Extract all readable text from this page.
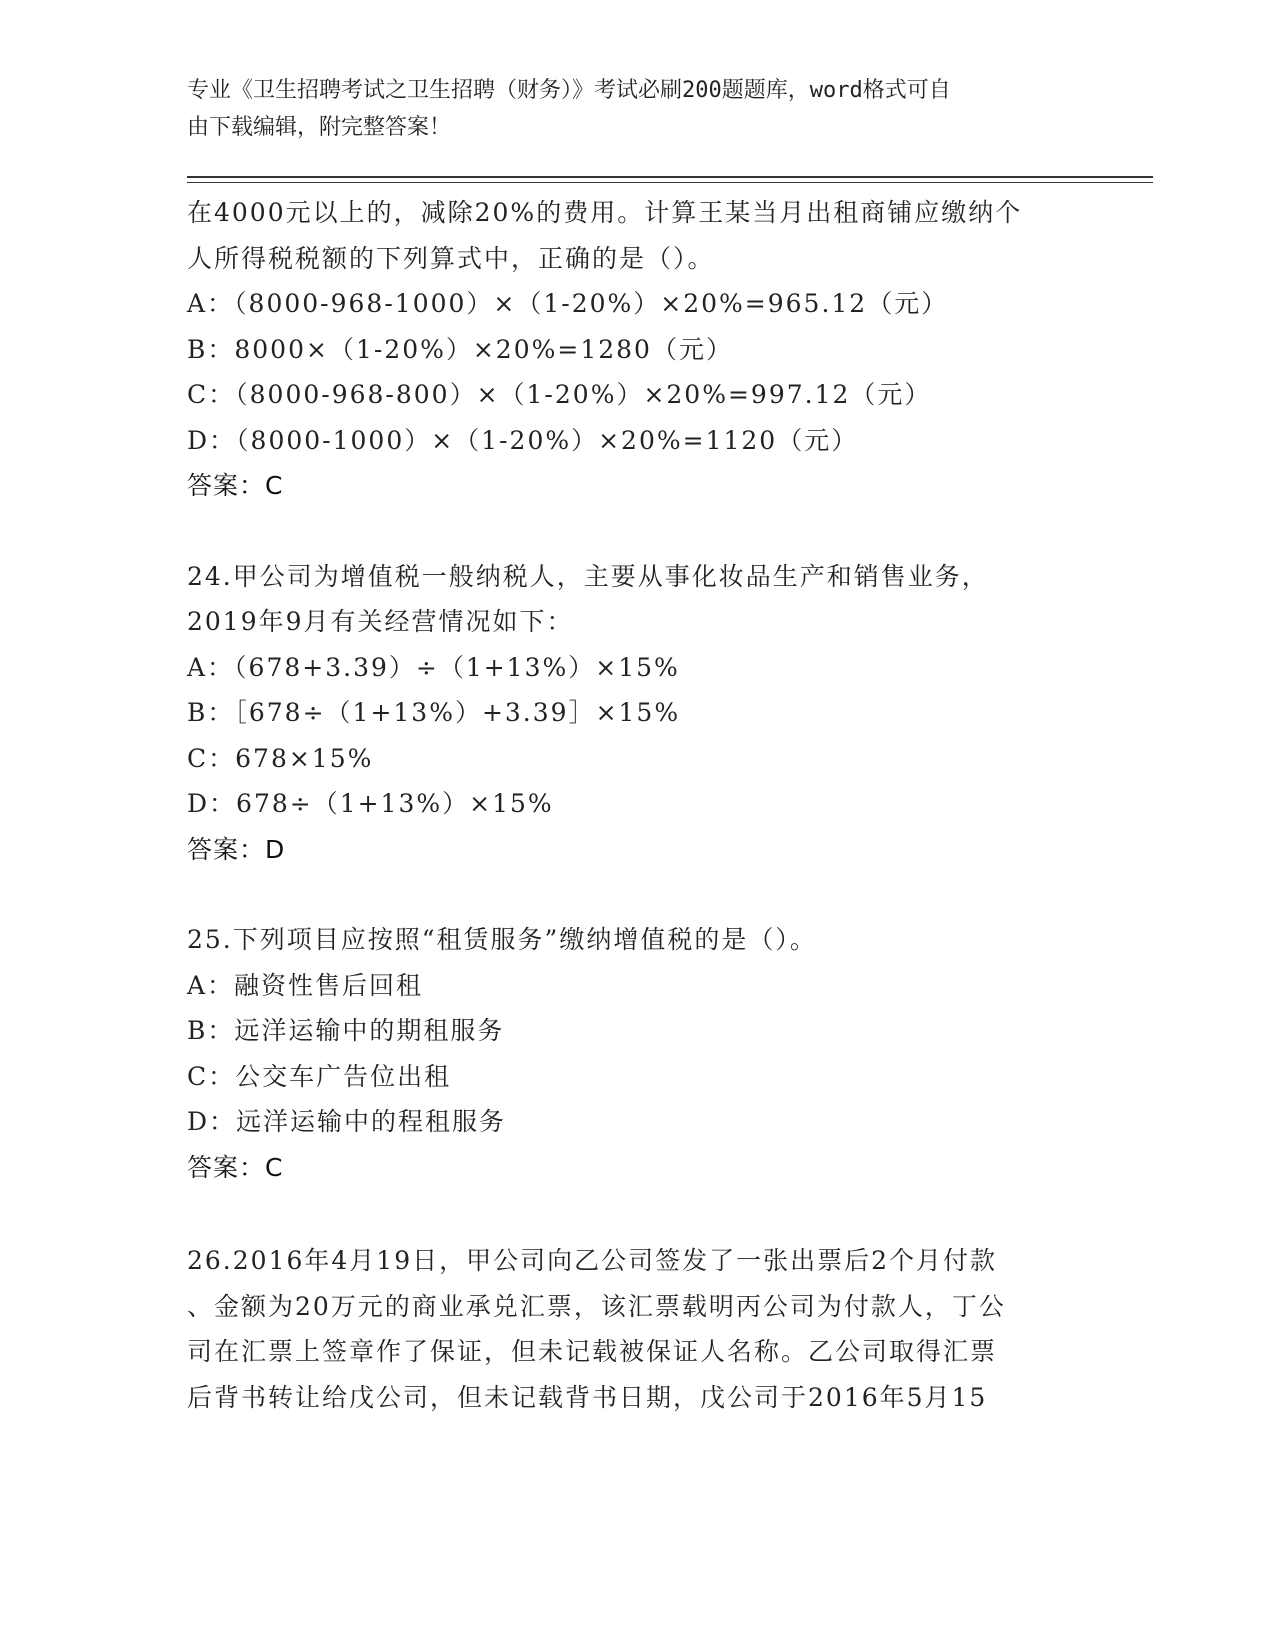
专业《卫生招聘考试之卫生招聘（财务）》考试必刷200题题库，word格式可自
由下载编辑，附完整答案！
在4000元以上的，减除20%的费用。计算王某当月出租商铺应缴纳个
人所得税税额的下列算式中，正确的是（）。
A：（8000-968-1000）×（1-20%）×20%=965.12（元）
B：8000×（1-20%）×20%=1280（元）
C：（8000-968-800）×（1-20%）×20%=997.12（元）
D：（8000-1000）×（1-20%）×20%=1120（元）
答案：C
24.甲公司为增值税一般纳税人，主要从事化妆品生产和销售业务，
2019年9月有关经营情况如下：
A：（678+3.39）÷（1+13%）×15%
B：［678÷（1+13%）+3.39］×15%
C：678×15%
D：678÷（1+13%）×15%
答案：D
25.下列项目应按照“租赁服务”缴纳增值税的是（）。
A：融资性售后回租
B：远洋运输中的期租服务
C：公交车广告位出租
D：远洋运输中的程租服务
答案：C
26.2016年4月19日，甲公司向乙公司签发了一张出票后2个月付款
、金额为20万元的商业承兑汇票，该汇票载明丙公司为付款人，丁公
司在汇票上签章作了保证，但未记载被保证人名称。乙公司取得汇票
后背书转让给戊公司，但未记载背书日期，戊公司于2016年5月15
